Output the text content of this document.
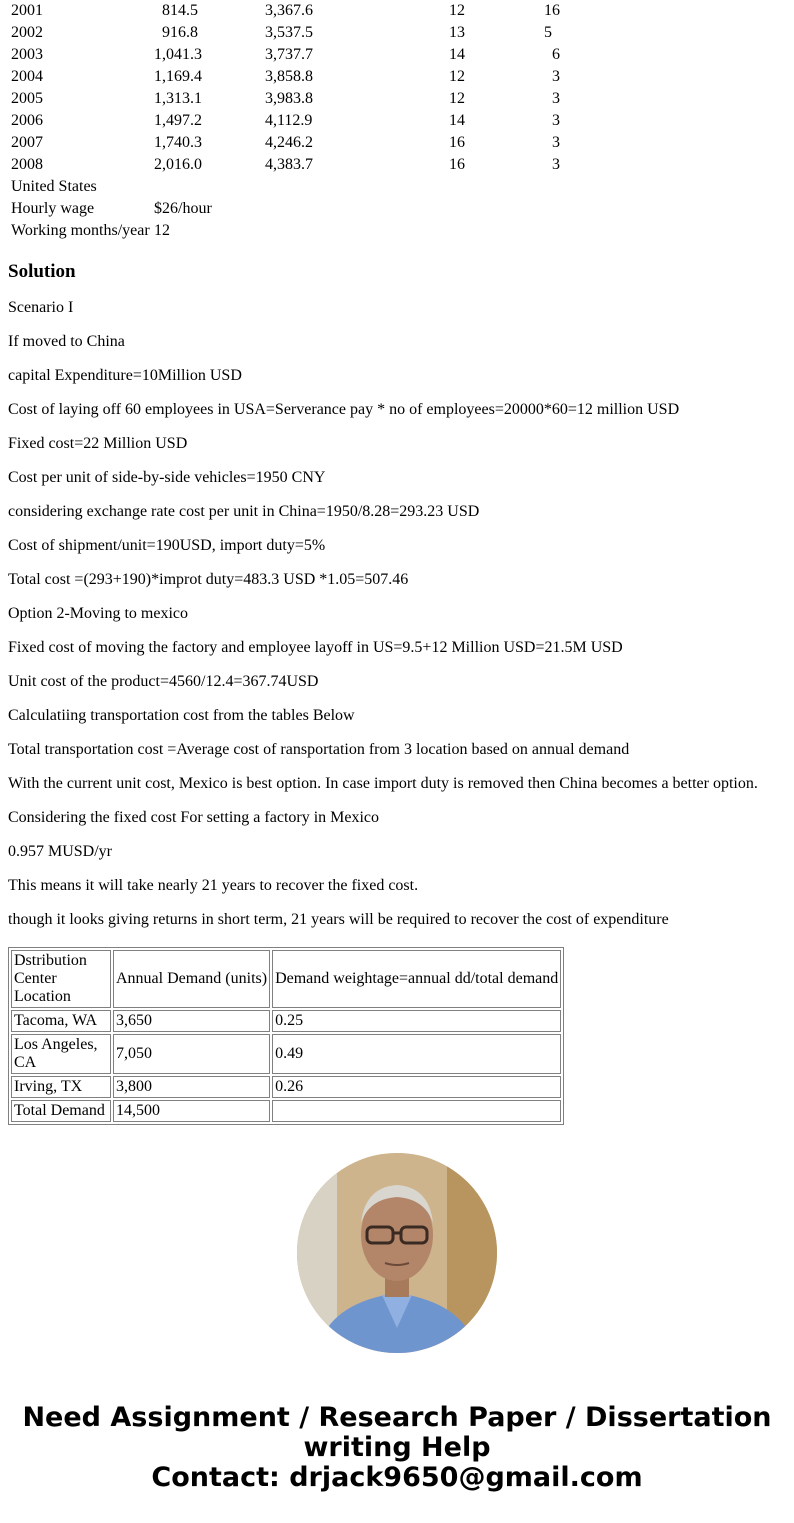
2001	814.5	3,367.6	12	16
2002	916.8	3,537.5	13	5
2003	1,041.3	3,737.7	14	6
2004	1,169.4	3,858.8	12	3
2005	1,313.1	3,983.8	12	3
2006	1,497.2	4,112.9	14	3
2007	1,740.3	4,246.2	16	3
2008	2,016.0	4,383.7	16	3
United States
Hourly wage	$26/hour
Working months/year 12
Solution

Scenario I

If moved to China

capital Expenditure=10Million USD

Cost of laying off 60 employees in USA=Serverance pay * no of employees=20000*60=12 million USD

Fixed cost=22 Million USD

Cost per unit of side-by-side vehicles=1950 CNY

considering exchange rate cost per unit in China=1950/8.28=293.23 USD

Cost of shipment/unit=190USD, import duty=5%

Total cost =(293+190)*improt duty=483.3 USD *1.05=507.46

Option 2-Moving to mexico

Fixed cost of moving the factory and employee layoff in US=9.5+12 Million USD=21.5M USD

Unit cost of the product=4560/12.4=367.74USD

Calculatiing transportation cost from the tables Below

Total transportation cost =Average cost of ransportation from 3 location based on annual demand

With the current unit cost, Mexico is best option. In case import duty is removed then China becomes a better option.

Considering the fixed cost For setting a factory in Mexico

0.957 MUSD/yr

This means it will take nearly 21 years to recover the fixed cost.

though it looks giving returns in short term, 21 years will be required to recover the cost of expenditure

Dstribution Center Location	Annual Demand (units)	Demand weightage=annual dd/total demand
Tacoma, WA	3,650	0.25
Los Angeles, CA	7,050	0.49
Irving, TX	3,800	0.26
Total Demand	14,500	
Need Assignment / Research Paper / Dissertation
writing Help
Contact: drjack9650@gmail.com
